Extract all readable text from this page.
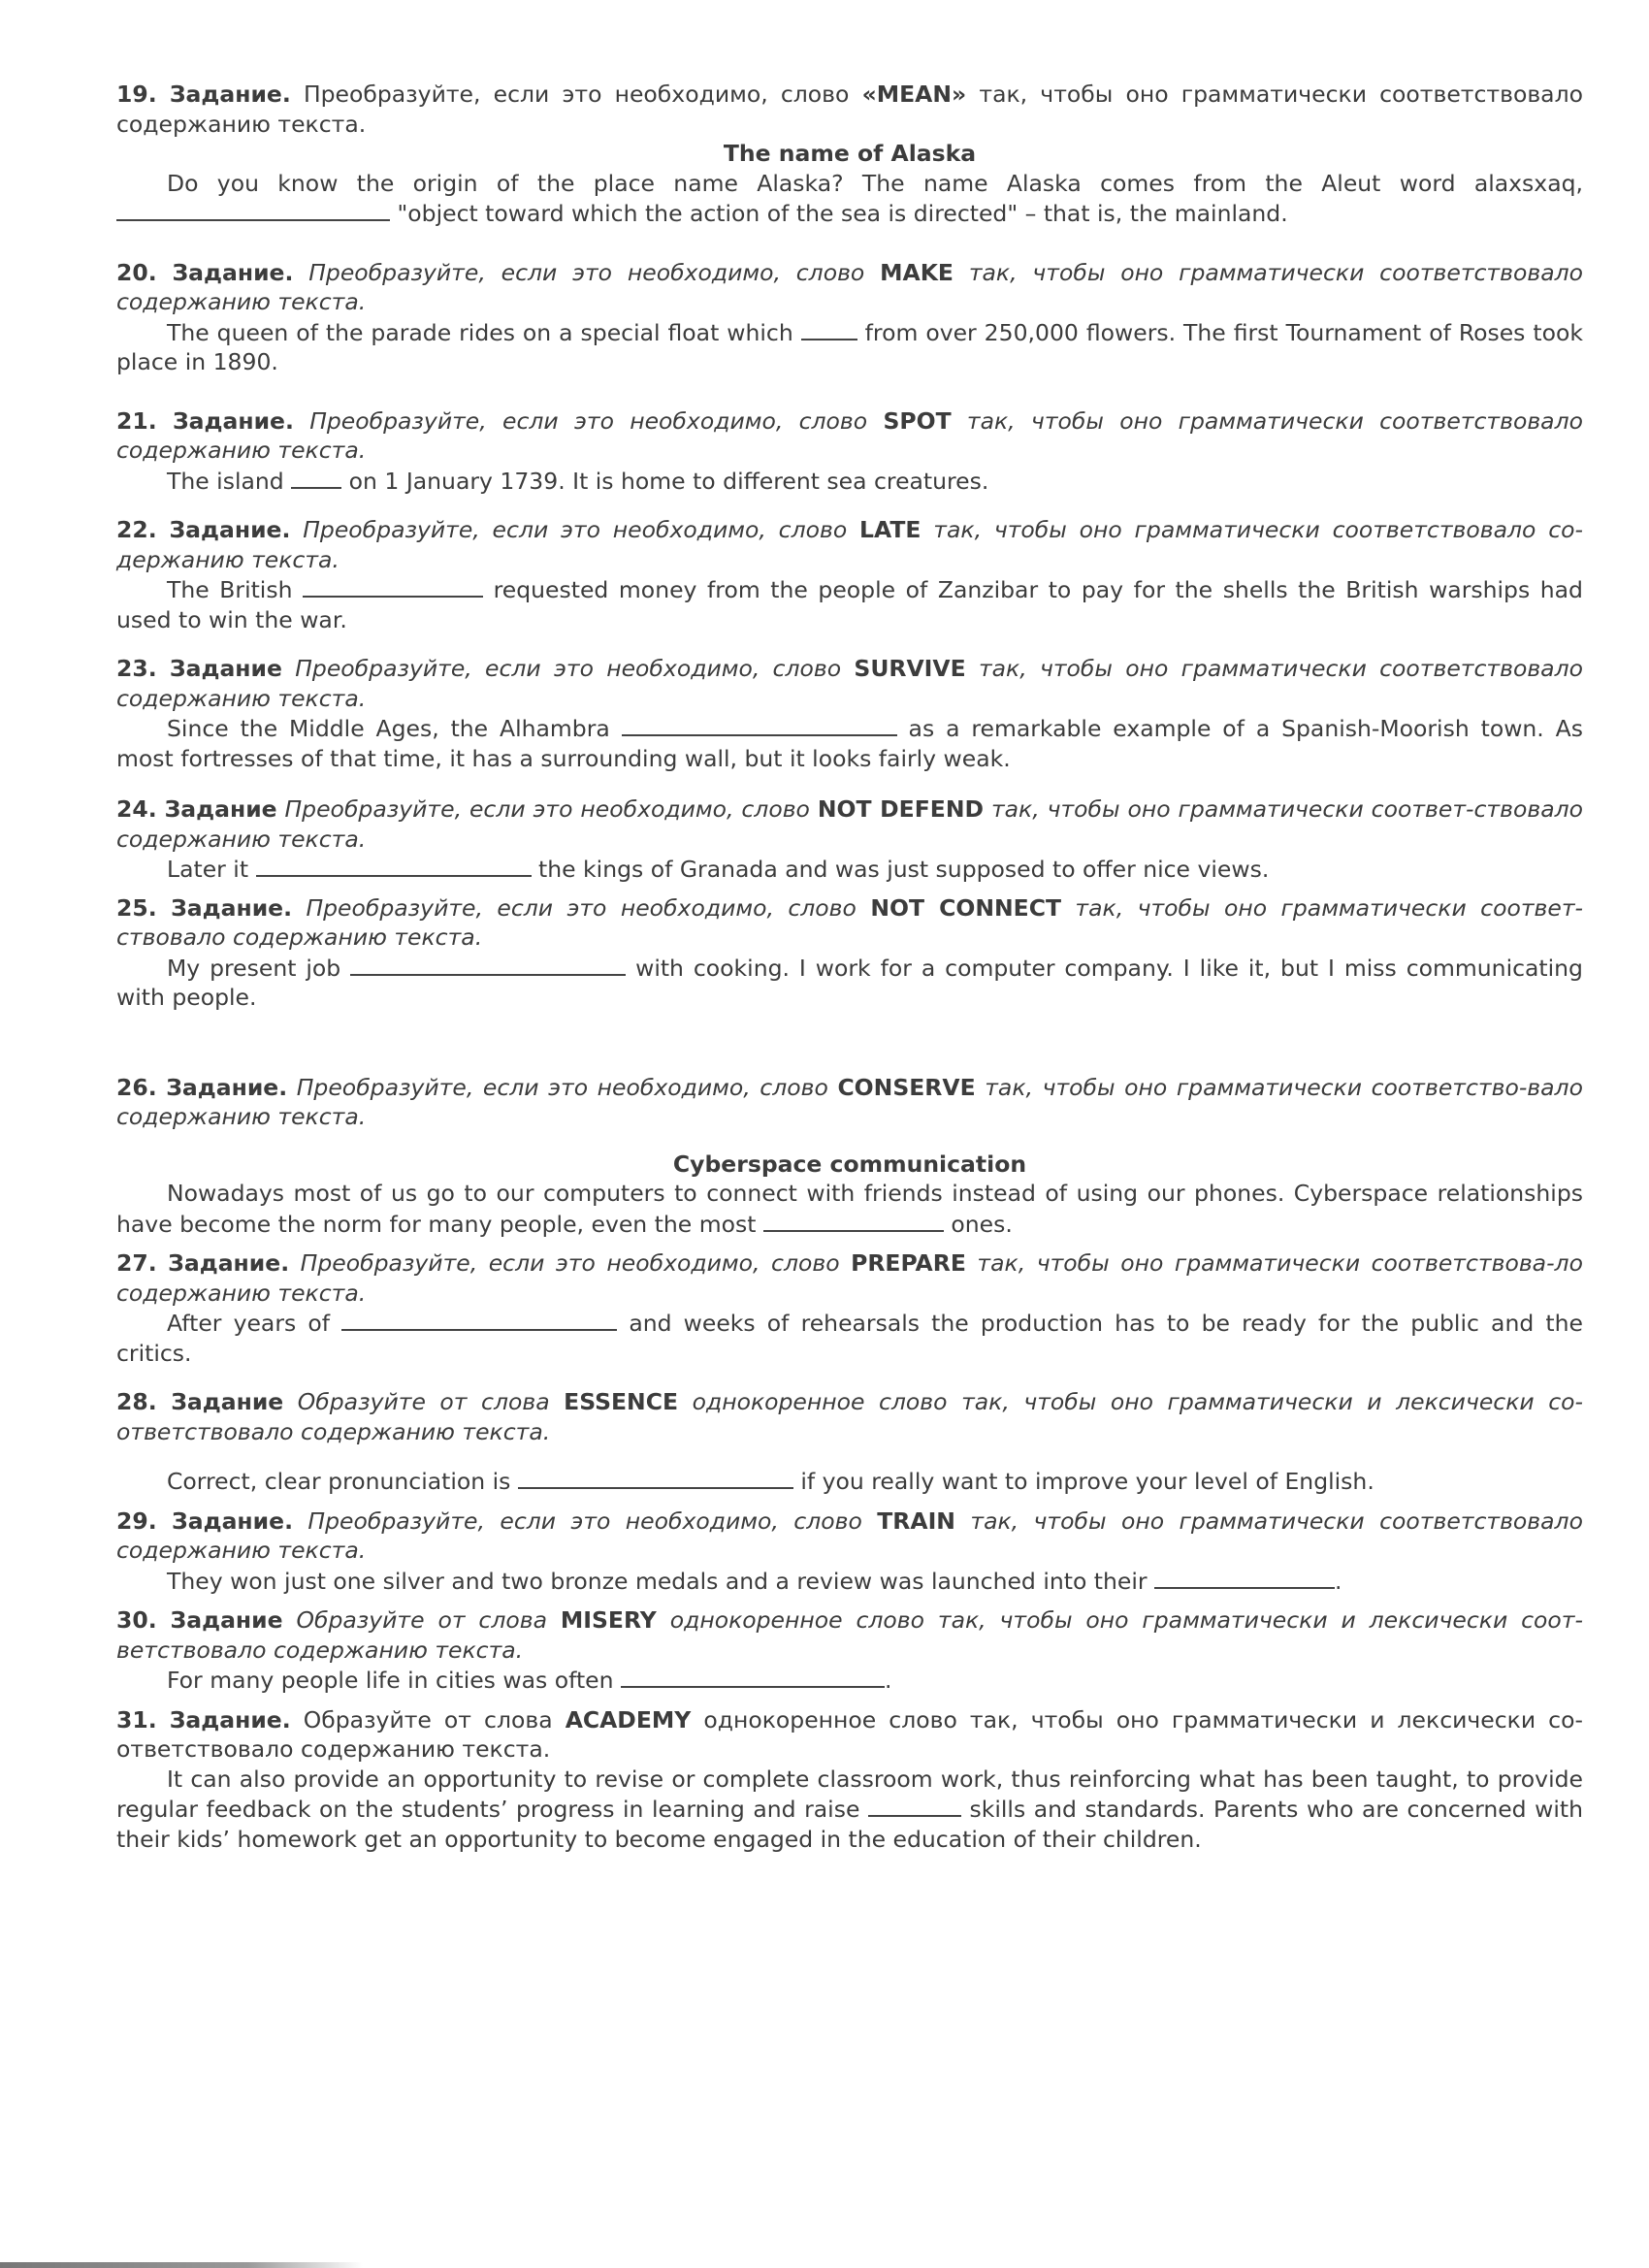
19. Задание. Преобразуйте, если это необходимо, слово «MEAN» так, чтобы оно грамматически соответствовало содержанию текста.
The name of Alaska
Do you know the origin of the place name Alaska? The name Alaska comes from the Aleut word alaxsxaq,  "object toward which the action of the sea is directed" – that is, the mainland.
20. Задание. Преобразуйте, если это необходимо, слово MAKE так, чтобы оно грамматически соответствовало содержанию текста.
The queen of the parade rides on a special float which	from over 250,000 flowers. The first Tournament of Roses took place in 1890.
21. Задание. Преобразуйте, если это необходимо, слово SPOT так, чтобы оно грамматически соответствовало содержанию текста.
The island	on 1 January 1739. It is home to different sea creatures.
22. Задание. Преобразуйте, если это необходимо, слово LATE так, чтобы оно грамматически соответствовало со-держанию текста.
The British	requested money from the people of Zanzibar to pay for the shells the British warships had used to win the war.
23. Задание Преобразуйте, если это необходимо, слово SURVIVE так, чтобы оно грамматически соответствовало содержанию текста.
Since the Middle Ages, the Alhambra	as a remarkable example of a Spanish-Moorish town. As most fortresses of that time, it has a surrounding wall, but it looks fairly weak.
24. Задание Преобразуйте, если это необходимо, слово NOT DEFEND так, чтобы оно грамматически соответ-ствовало содержанию текста.
Later it	the kings of Granada and was just supposed to offer nice views.
25. Задание. Преобразуйте, если это необходимо, слово NOT CONNECT так, чтобы оно грамматически соответ-ствовало содержанию текста.
My present job	with cooking. I work for a computer company. I like it, but I miss communicating with people.
26. Задание. Преобразуйте, если это необходимо, слово CONSERVE так, чтобы оно грамматически соответство-вало содержанию текста.
Cyberspace communication
Nowadays most of us go to our computers to connect with friends instead of using our phones. Cyberspace relationships have become the norm for many people, even the most	ones.
27. Задание. Преобразуйте, если это необходимо, слово PREPARE так, чтобы оно грамматически соответствова-ло содержанию текста.
After years of	and weeks of rehearsals the production has to be ready for the public and the critics.
28. Задание Образуйте от слова ESSENCE однокоренное слово так, чтобы оно грамматически и лексически со-ответствовало содержанию текста.
Correct, clear pronunciation is	if you really want to improve your level of English.
29. Задание. Преобразуйте, если это необходимо, слово TRAIN так, чтобы оно грамматически соответствовало содержанию текста.
They won just one silver and two bronze medals and a review was launched into their	.
30. Задание Образуйте от слова MISERY однокоренное слово так, чтобы оно грамматически и лексически соот-ветствовало содержанию текста.
For many people life in cities was often	.
31. Задание. Образуйте от слова ACADEMY однокоренное слово так, чтобы оно грамматически и лексически со-ответствовало содержанию текста.
It can also provide an opportunity to revise or complete classroom work, thus reinforcing what has been taught, to provide regular feedback on the students’ progress in learning and raise	skills and standards. Parents who are concerned with their kids’ homework get an opportunity to become engaged in the education of their children.
